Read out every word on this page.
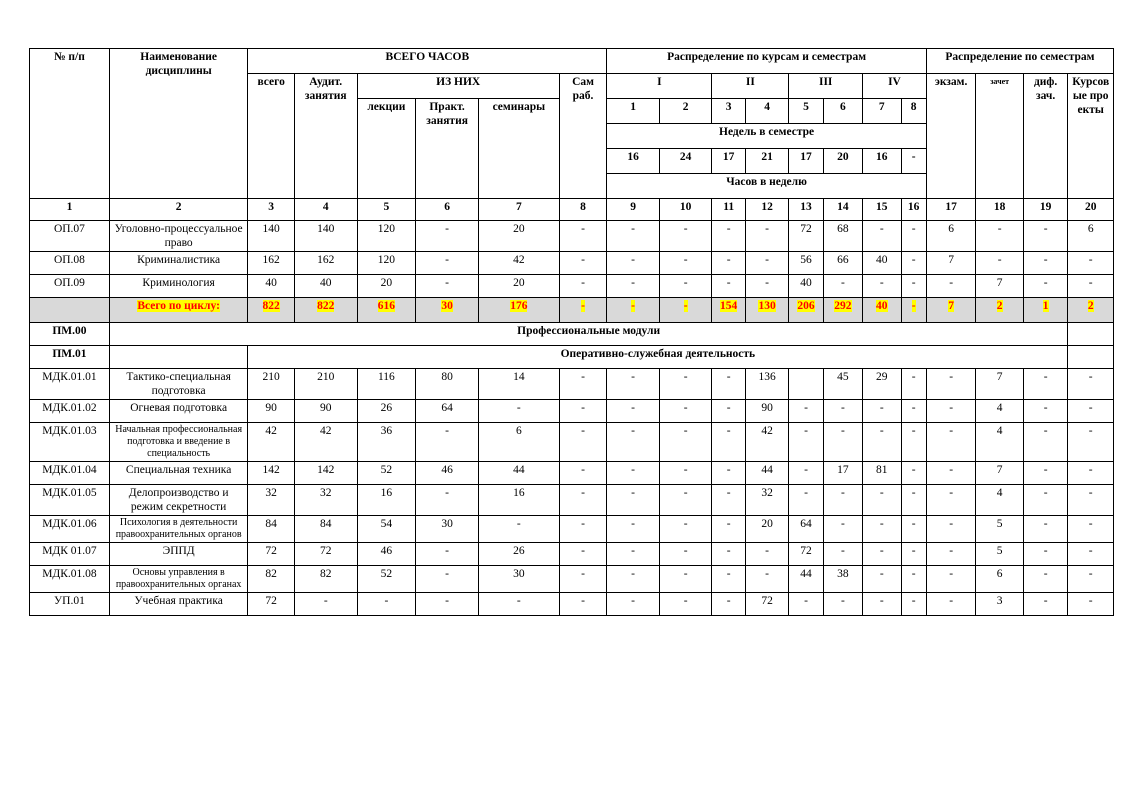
№ п/п	Наименование дисциплины	ВСЕГО ЧАСОВ						Распределение по курсам и семестрам								Распределение по семестрам			
		всего	Аудит. занятия	ИЗ НИХ			Сам раб.	I		II		III		IV		экзам.	зачет	диф. зач.	Курсовые проекты
				лекции	Практ. занятия	семинары		1	2	3	4	5	6	7	8				
								Недель в семестре											
								16	24	17	21	17	20	16	-				
								Часов в неделю											
1	2	3	4	5	6	7	8	9	10	11	12	13	14	15	16	17	18	19	20
ОП.07	Уголовно-процессуальное право	140	140	120	-	20	-	-	-	-	-	72	68	-	-	6	-	-	6
ОП.08	Криминалистика	162	162	120	-	42	-	-	-	-	-	56	66	40	-	7	-	-	-
ОП.09	Криминология	40	40	20	-	20	-	-	-	-	-	40	-	-	-	-	7	-	-
	Всего по циклу:	822	822	616	30	176	-	-	-	154	130	206	292	40	-	7	2	1	2
ПМ.00	Профессиональные модули																		
ПМ.01		Оперативно-служебная деятельность																	
МДК.01.01	Тактико-специальная подготовка	210	210	116	80	14	-	-	-	-	136		45	29	-	-	7	-	-
МДК.01.02	Огневая подготовка	90	90	26	64	-	-	-	-	-	90	-	-	-	-	-	4	-	-
МДК.01.03	Начальная профессиональная подготовка и введение в специальность	42	42	36	-	6	-	-	-	-	42	-	-	-	-	-	4	-	-
МДК.01.04	Специальная техника	142	142	52	46	44	-	-	-	-	44	-	17	81	-	-	7	-	-
МДК.01.05	Делопроизводство и режим секретности	32	32	16	-	16	-	-	-	-	32	-	-	-	-	-	4	-	-
МДК.01.06	Психология в деятельности правоохранительных органов	84	84	54	30	-	-	-	-	-	20	64	-	-	-	-	5	-	-
МДК 01.07	ЭППД	72	72	46	-	26	-	-	-	-	-	72	-	-	-	-	5	-	-
МДК.01.08	Основы управления в правоохранительных органах	82	82	52	-	30	-	-	-	-	-	44	38	-	-	-	6	-	-
УП.01	Учебная практика	72	-	-	-	-	-	-	-	-	72	-	-	-	-	-	3	-	-
